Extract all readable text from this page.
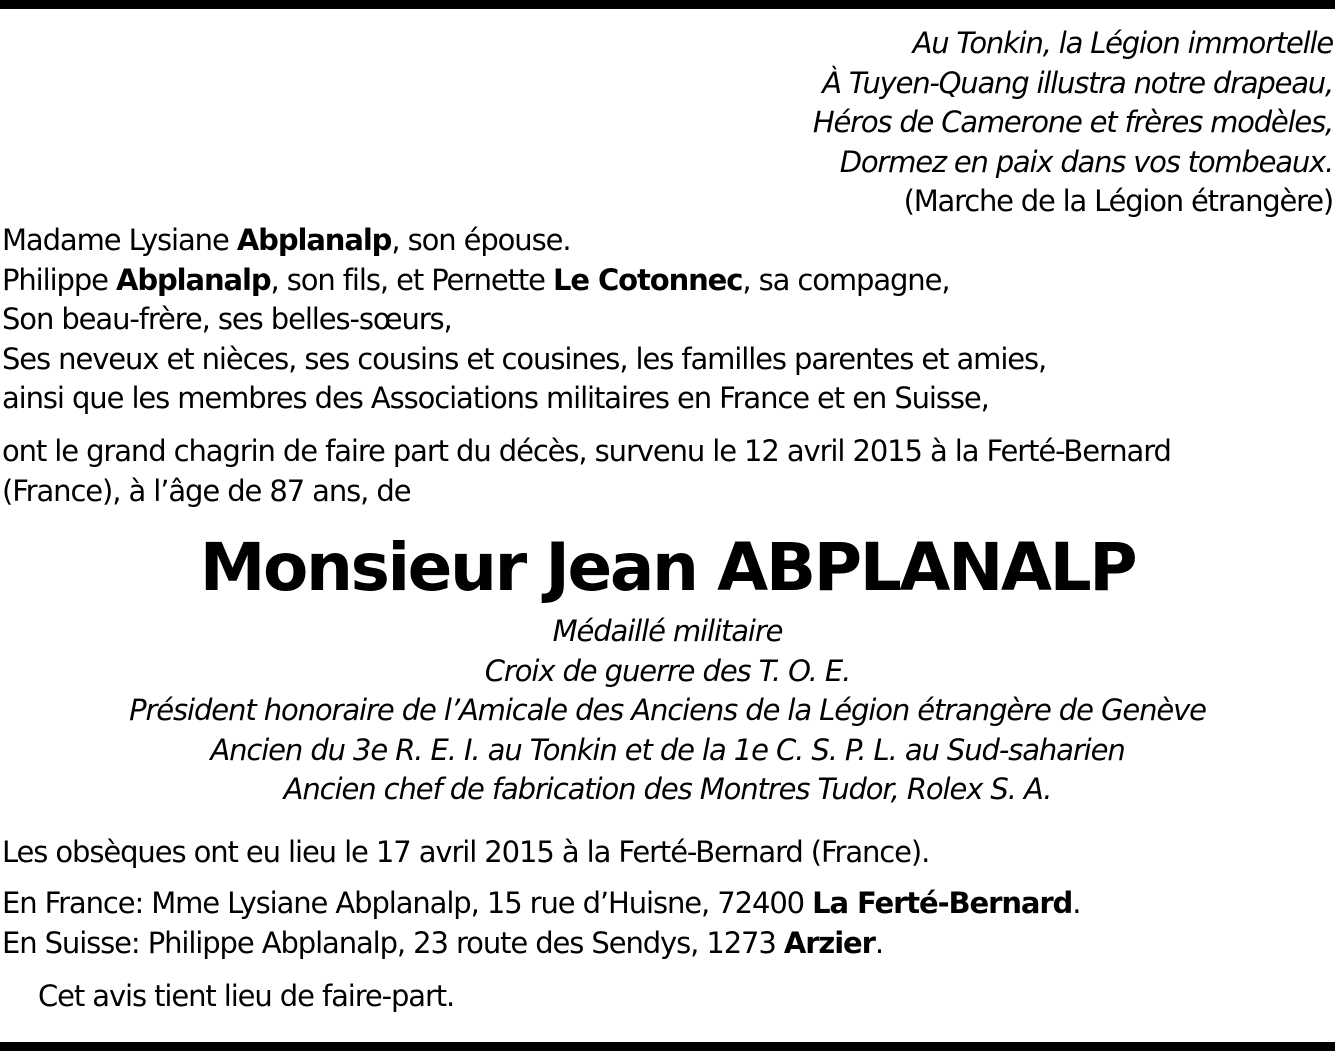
Au Tonkin, la Légion immortelle
À Tuyen-Quang illustra notre drapeau,
Héros de Camerone et frères modèles,
Dormez en paix dans vos tombeaux.
(Marche de la Légion étrangère)
Madame Lysiane Abplanalp, son épouse.
Philippe Abplanalp, son fils, et Pernette Le Cotonnec, sa compagne,
Son beau-frère, ses belles-sœurs,
Ses neveux et nièces, ses cousins et cousines, les familles parentes et amies,
ainsi que les membres des Associations militaires en France et en Suisse,
ont le grand chagrin de faire part du décès, survenu le 12 avril 2015 à la Ferté-Bernard
(France), à l’âge de 87 ans, de
Monsieur Jean ABPLANALP
Médaillé militaire
Croix de guerre des T. O. E.
Président honoraire de l’Amicale des Anciens de la Légion étrangère de Genève
Ancien du 3e R. E. I. au Tonkin et de la 1e C. S. P. L. au Sud-saharien
Ancien chef de fabrication des Montres Tudor, Rolex S. A.
Les obsèques ont eu lieu le 17 avril 2015 à la Ferté-Bernard (France).
En France: Mme Lysiane Abplanalp, 15 rue d’Huisne, 72400 La Ferté-Bernard.
En Suisse: Philippe Abplanalp, 23 route des Sendys, 1273 Arzier.
Cet avis tient lieu de faire-part.
